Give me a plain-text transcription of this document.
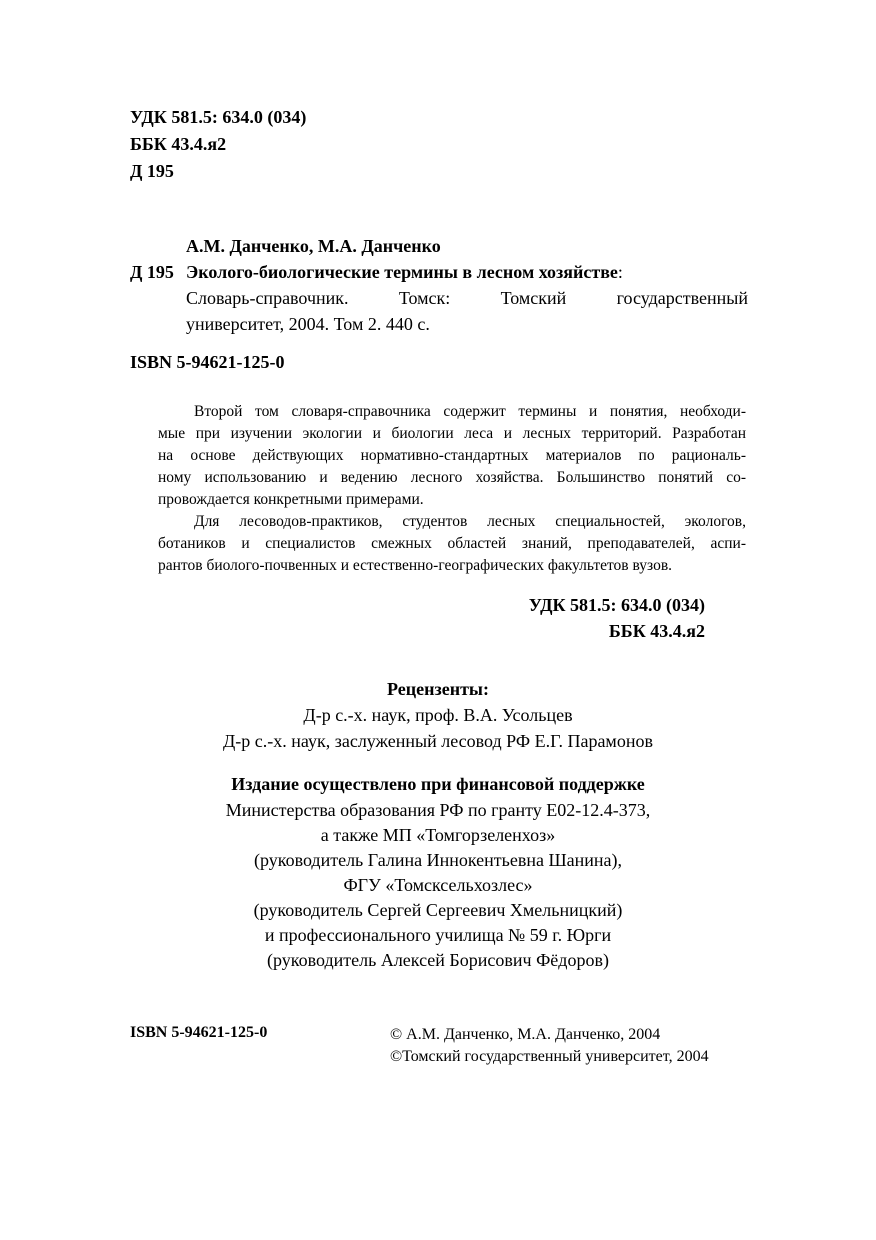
УДК 581.5: 634.0 (034)
ББК 43.4.я2
Д 195
А.М. Данченко, М.А. Данченко
Д 195 Эколого-биологические термины в лесном хозяйстве:
Словарь-справочник. Томск: Томский государственный
университет, 2004. Том 2. 440 с.
ISBN 5-94621-125-0
Второй том словаря-справочника содержит термины и понятия, необходи-
мые при изучении экологии и биологии леса и лесных территорий. Разработан
на основе действующих нормативно-стандартных материалов по рациональ-
ному использованию и ведению лесного хозяйства. Большинство понятий со-
провождается конкретными примерами.
Для лесоводов-практиков, студентов лесных специальностей, экологов,
ботаников и специалистов смежных областей знаний, преподавателей, аспи-
рантов биолого-почвенных и естественно-географических факультетов вузов.
УДК 581.5: 634.0 (034)
ББК 43.4.я2
Рецензенты:
Д-р с.-х. наук, проф. В.А. Усольцев
Д-р с.-х. наук, заслуженный лесовод РФ Е.Г. Парамонов
Издание осуществлено при финансовой поддержке
Министерства образования РФ по гранту Е02-12.4-373,
а также МП «Томгорзеленхоз»
(руководитель Галина Иннокентьевна Шанина),
ФГУ «Томсксельхозлес»
(руководитель Сергей Сергеевич Хмельницкий)
и профессионального училища № 59 г. Юрги
(руководитель Алексей Борисович Фёдоров)
ISBN 5-94621-125-0	© А.М. Данченко, М.А. Данченко, 2004
©Томский государственный университет, 2004
